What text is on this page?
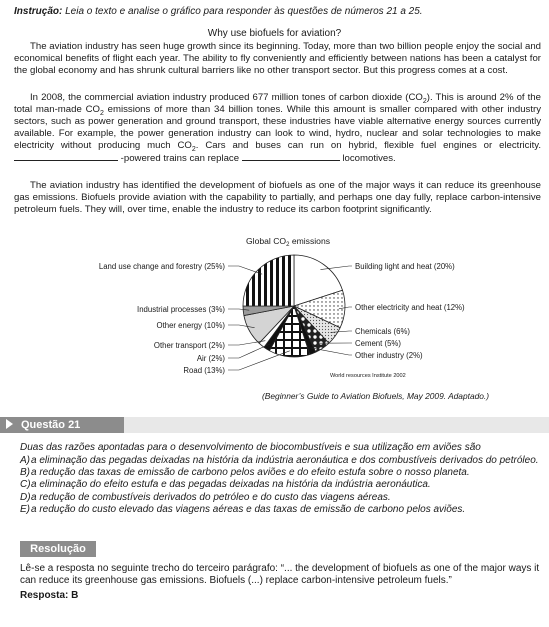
Instrução: Leia o texto e analise o gráfico para responder às questões de números 21 a 25.
Why use biofuels for aviation?

The aviation industry has seen huge growth since its beginning. Today, more than two billion people enjoy the social and economical benefits of flight each year. The ability to fly conveniently and efficiently between nations has been a catalyst for the global economy and has shrunk cultural barriers like no other transport sector. But this progress comes at a cost.

In 2008, the commercial aviation industry produced 677 million tones of carbon dioxide $(CO_2)$. This is around 2% of the total man-made $CO_2$ emissions of more than 34 billion tones. While this amount is smaller compared with other industry sectors, such as power generation and ground transport, these industries have viable alternative energy sources currently available. For example, the power generation industry can look to wind, hydro, nuclear and solar technologies to make electricity without producing much $CO_2$. Cars and buses can run on hybrid, flexible fuel engines or electricity.  -powered trains can replace	locomotives.

The aviation industry has identified the development of biofuels as one of the major ways it can reduce its greenhouse gas emissions. Biofuels provide aviation with the capability to partially, and perhaps one day fully, replace carbon-intensive petroleum fuels. They will, over time, enable the industry to reduce its carbon footprint significantly.

Building light and heat (20%)
Other electricity and heat (12%)
Chemicals (6%)
Cement (5%)
Other industry (2%)
Road (13%)
Air (2%)
Other transport (2%)
Other energy (10%)
Industrial processes (3%)
Land use change and forestry (25%)
Global $CO_2$ emissions
World resources Institute 2002
(Beginner’s Guide to Aviation Biofuels, May 2009. Adaptado.)
Questão 21
Duas das razões apontadas para o desenvolvimento de biocombustíveis e sua utilização em aviões são
A) a eliminação das pegadas deixadas na história da indústria aeronáutica e dos combustíveis derivados do petróleo.
B) a redução das taxas de emissão de carbono pelos aviões e do efeito estufa sobre o nosso planeta.
C) a eliminação do efeito estufa e das pegadas deixadas na história da indústria aeronáutica.
D) a redução de combustíveis derivados do petróleo e do custo das viagens aéreas.
E) a redução do custo elevado das viagens aéreas e das taxas de emissão de carbono pelos aviões.
Resolução

Lê-se a resposta no seguinte trecho do terceiro parágrafo: “... the development of biofuels as one of the major ways it can reduce its greenhouse gas emissions. Biofuels (...) replace carbon-intensive petroleum fuels.”

Resposta: B
